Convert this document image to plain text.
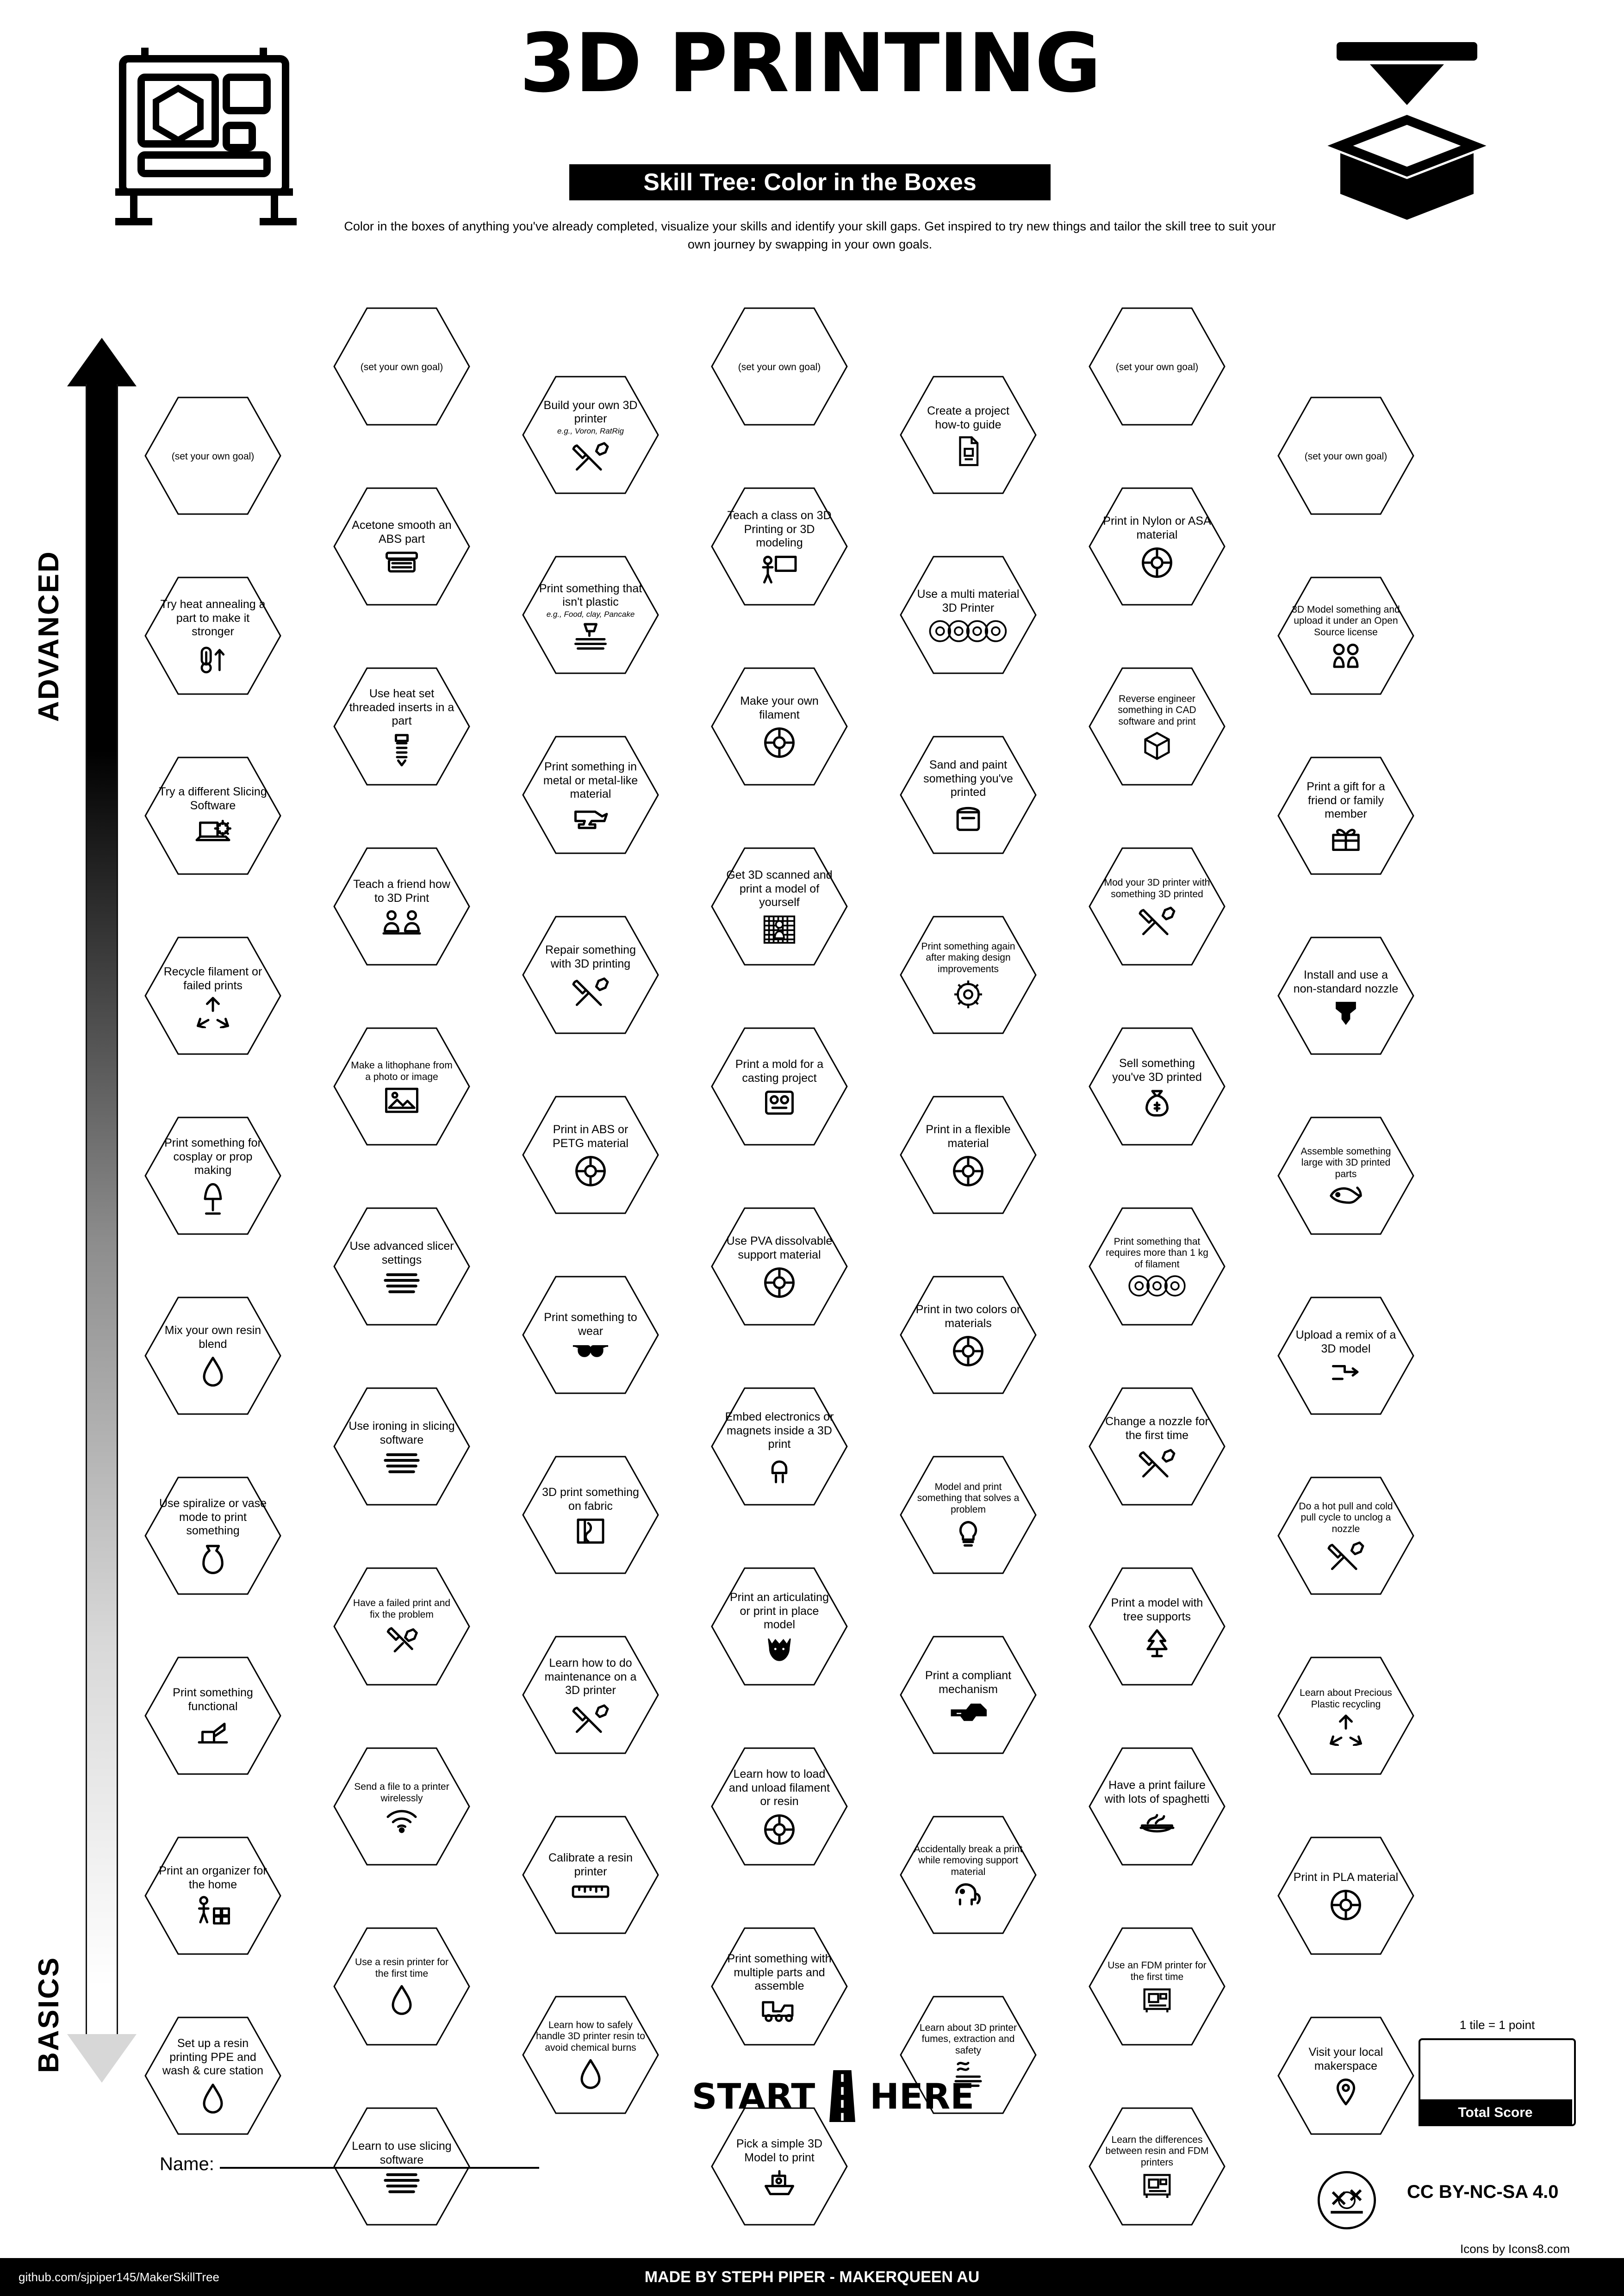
3D PRINTING
Skill Tree: Color in the Boxes
Color in the boxes of anything you've already completed, visualize your skills and identify your skill gaps. Get inspired to try new things and tailor the skill tree to suit your own journey by swapping in your own goals.
ADVANCED
BASICS
(set your own goal)
Try heat annealing a part to make it stronger
Try a different Slicing Software
Recycle filament or failed prints
Print something for cosplay or prop making
Mix your own resin blend
Use spiralize or vase mode to print something
Print something functional
Print an organizer for the home
Set up a resin printing PPE and wash & cure station
(set your own goal)
Acetone smooth an ABS part
Use heat set threaded inserts in a part
Teach a friend how to 3D Print
Make a lithophane from a photo or image
Use advanced slicer settings
Use ironing in slicing software
Have a failed print and fix the problem
Send a file to a printer wirelessly
Use a resin printer for the first time
Learn to use slicing software
Build your own 3D printer
e.g., Voron, RatRig
Print something that isn't plastic
e.g., Food, clay, Pancake
Print something in metal or metal-like material
Repair something with 3D printing
Print in ABS or PETG material
Print something to wear
3D print something on fabric
Learn how to do maintenance on a 3D printer
Calibrate a resin printer
Learn how to safely handle 3D printer resin to avoid chemical burns
(set your own goal)
Teach a class on 3D Printing or 3D modeling
Make your own filament
Get 3D scanned and print a model of yourself
Print a mold for a casting project
Use PVA dissolvable support material
Embed electronics or magnets inside a 3D print
Print an articulating or print in place model
Learn how to load and unload filament or resin
Print something with multiple parts and assemble
Pick a simple 3D Model to print
Create a project how-to guide
Use a multi material 3D Printer
Sand and paint something you've printed
Print something again after making design improvements
Print in a flexible material
Print in two colors or materials
Model and print something that solves a problem
Print a compliant mechanism
Accidentally break a print while removing support material
Learn about 3D printer fumes, extraction and safety
(set your own goal)
Print in Nylon or ASA material
Reverse engineer something in CAD software and print
Mod your 3D printer with something 3D printed
Sell something you've 3D printed
Print something that requires more than 1 kg of filament
Change a nozzle for the first time
Print a model with tree supports
Have a print failure with lots of spaghetti
Use an FDM printer for the first time
Learn the differences between resin and FDM printers
(set your own goal)
3D Model something and upload it under an Open Source license
Print a gift for a friend or family member
Install and use a non-standard nozzle
Assemble something large with 3D printed parts
Upload a remix of a 3D model
Do a hot pull and cold pull cycle to unclog a nozzle
Learn about Precious Plastic recycling
Print in PLA material
Visit your local makerspace
START HERE
Name:
1 tile = 1 point
Total Score
CC BY-NC-SA 4.0
Icons by Icons8.com
github.com/sjpiper145/MakerSkillTree	MADE BY STEPH PIPER - MAKERQUEEN AU
